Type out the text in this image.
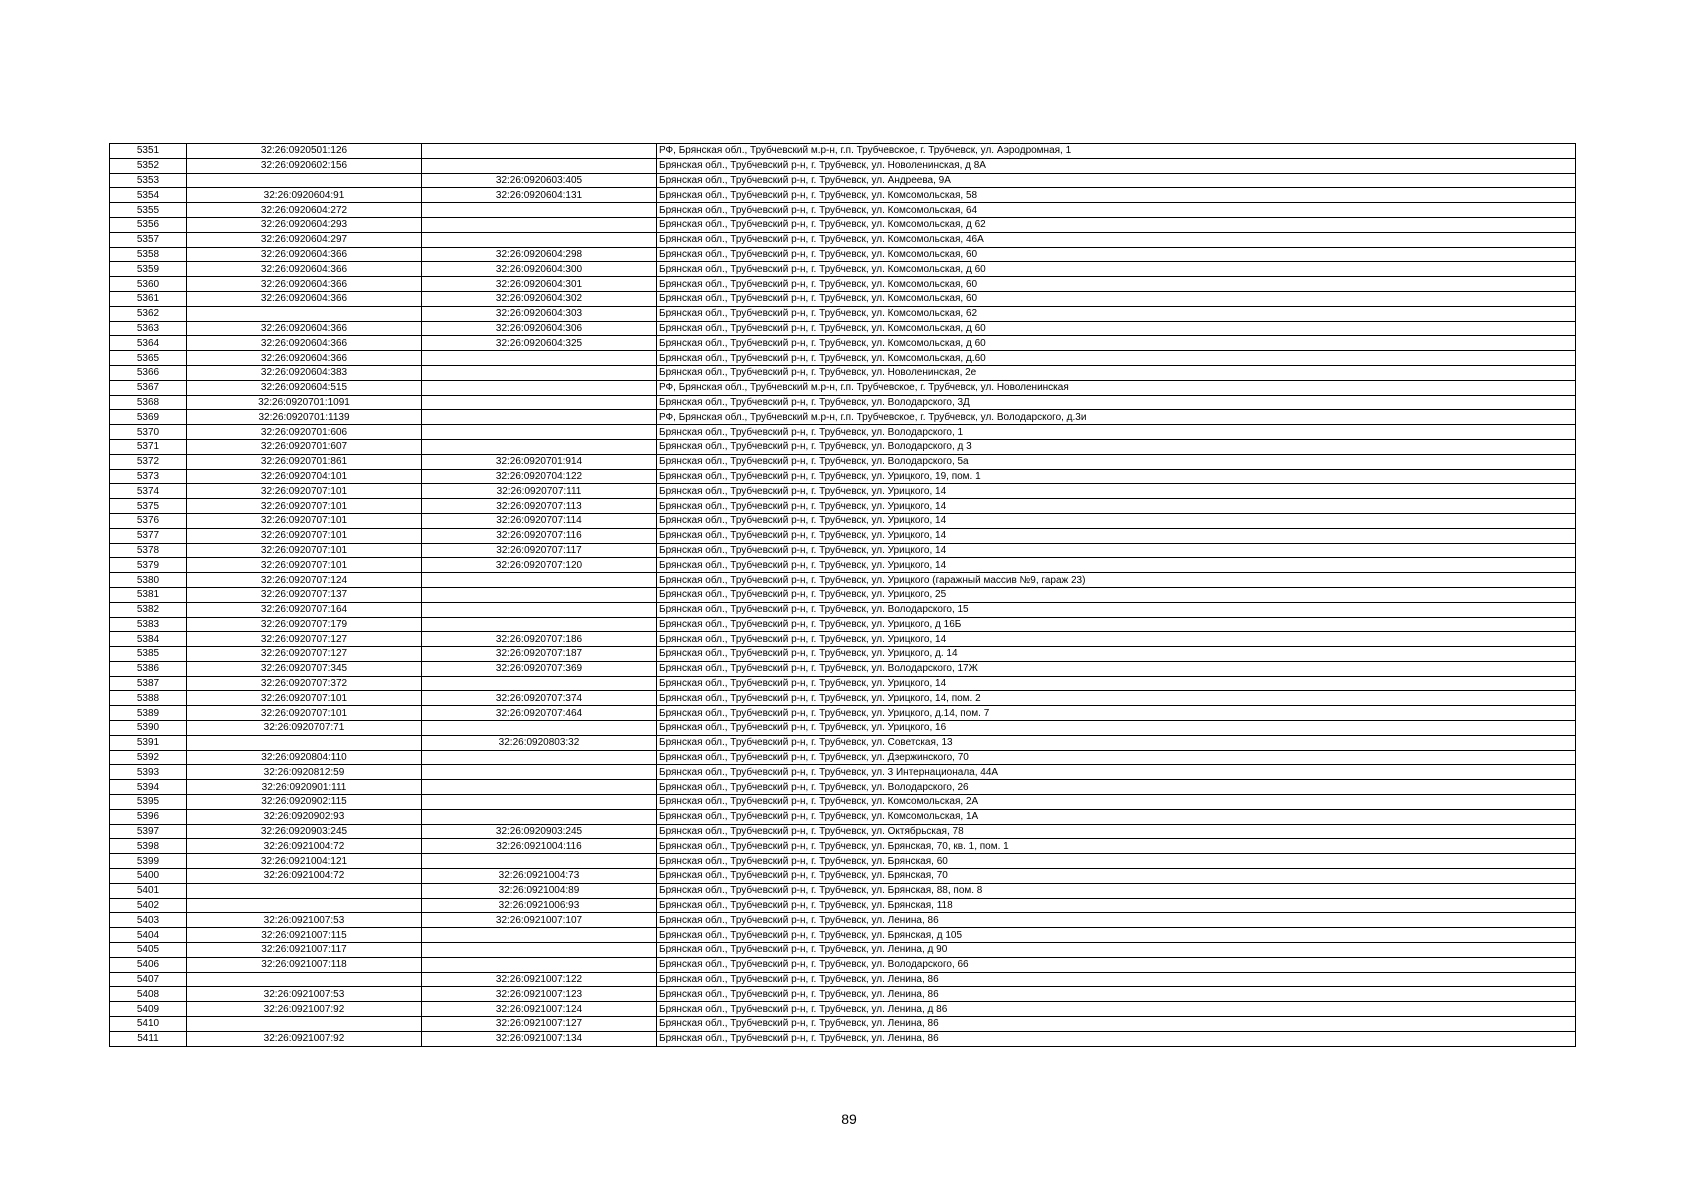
5351	32:26:0920501:126		РФ, Брянская обл., Трубчевский м.р-н, г.п. Трубчевское, г. Трубчевск, ул. Аэродромная, 1
5352	32:26:0920602:156		Брянская обл., Трубчевский р-н, г. Трубчевск, ул. Новоленинская, д 8А
5353		32:26:0920603:405	Брянская обл., Трубчевский р-н, г. Трубчевск, ул. Андреева, 9А
5354	32:26:0920604:91	32:26:0920604:131	Брянская обл., Трубчевский р-н, г. Трубчевск, ул. Комсомольская, 58
5355	32:26:0920604:272		Брянская обл., Трубчевский р-н, г. Трубчевск, ул. Комсомольская, 64
5356	32:26:0920604:293		Брянская обл., Трубчевский р-н, г. Трубчевск, ул. Комсомольская, д 62
5357	32:26:0920604:297		Брянская обл., Трубчевский р-н, г. Трубчевск, ул. Комсомольская, 46А
5358	32:26:0920604:366	32:26:0920604:298	Брянская обл., Трубчевский р-н, г. Трубчевск, ул. Комсомольская, 60
5359	32:26:0920604:366	32:26:0920604:300	Брянская обл., Трубчевский р-н, г. Трубчевск, ул. Комсомольская, д 60
5360	32:26:0920604:366	32:26:0920604:301	Брянская обл., Трубчевский р-н, г. Трубчевск, ул. Комсомольская, 60
5361	32:26:0920604:366	32:26:0920604:302	Брянская обл., Трубчевский р-н, г. Трубчевск, ул. Комсомольская, 60
5362		32:26:0920604:303	Брянская обл., Трубчевский р-н, г. Трубчевск, ул. Комсомольская, 62
5363	32:26:0920604:366	32:26:0920604:306	Брянская обл., Трубчевский р-н, г. Трубчевск, ул. Комсомольская, д 60
5364	32:26:0920604:366	32:26:0920604:325	Брянская обл., Трубчевский р-н, г. Трубчевск, ул. Комсомольская, д 60
5365	32:26:0920604:366		Брянская обл., Трубчевский р-н, г. Трубчевск, ул. Комсомольская, д.60
5366	32:26:0920604:383		Брянская обл., Трубчевский р-н, г. Трубчевск, ул. Новоленинская, 2е
5367	32:26:0920604:515		РФ, Брянская обл., Трубчевский м.р-н, г.п. Трубчевское, г. Трубчевск, ул. Новоленинская
5368	32:26:0920701:1091		Брянская обл., Трубчевский р-н, г. Трубчевск, ул. Володарского, 3Д
5369	32:26:0920701:1139		РФ, Брянская обл., Трубчевский м.р-н, г.п. Трубчевское, г. Трубчевск, ул. Володарского, д.3и
5370	32:26:0920701:606		Брянская обл., Трубчевский р-н, г. Трубчевск, ул. Володарского, 1
5371	32:26:0920701:607		Брянская обл., Трубчевский р-н, г. Трубчевск, ул. Володарского, д 3
5372	32:26:0920701:861	32:26:0920701:914	Брянская обл., Трубчевский р-н, г. Трубчевск, ул. Володарского, 5а
5373	32:26:0920704:101	32:26:0920704:122	Брянская обл., Трубчевский р-н, г. Трубчевск, ул. Урицкого, 19, пом. 1
5374	32:26:0920707:101	32:26:0920707:111	Брянская обл., Трубчевский р-н, г. Трубчевск, ул. Урицкого, 14
5375	32:26:0920707:101	32:26:0920707:113	Брянская обл., Трубчевский р-н, г. Трубчевск, ул. Урицкого, 14
5376	32:26:0920707:101	32:26:0920707:114	Брянская обл., Трубчевский р-н, г. Трубчевск, ул. Урицкого, 14
5377	32:26:0920707:101	32:26:0920707:116	Брянская обл., Трубчевский р-н, г. Трубчевск, ул. Урицкого, 14
5378	32:26:0920707:101	32:26:0920707:117	Брянская обл., Трубчевский р-н, г. Трубчевск, ул. Урицкого, 14
5379	32:26:0920707:101	32:26:0920707:120	Брянская обл., Трубчевский р-н, г. Трубчевск, ул. Урицкого, 14
5380	32:26:0920707:124		Брянская обл., Трубчевский р-н, г. Трубчевск, ул. Урицкого (гаражный массив №9, гараж 23)
5381	32:26:0920707:137		Брянская обл., Трубчевский р-н, г. Трубчевск, ул. Урицкого, 25
5382	32:26:0920707:164		Брянская обл., Трубчевский р-н, г. Трубчевск, ул. Володарского, 15
5383	32:26:0920707:179		Брянская обл., Трубчевский р-н, г. Трубчевск, ул. Урицкого, д 16Б
5384	32:26:0920707:127	32:26:0920707:186	Брянская обл., Трубчевский р-н, г. Трубчевск, ул. Урицкого, 14
5385	32:26:0920707:127	32:26:0920707:187	Брянская обл., Трубчевский р-н, г. Трубчевск, ул. Урицкого, д. 14
5386	32:26:0920707:345	32:26:0920707:369	Брянская обл., Трубчевский р-н, г. Трубчевск, ул. Володарского, 17Ж
5387	32:26:0920707:372		Брянская обл., Трубчевский р-н, г. Трубчевск, ул. Урицкого, 14
5388	32:26:0920707:101	32:26:0920707:374	Брянская обл., Трубчевский р-н, г. Трубчевск, ул. Урицкого, 14, пом. 2
5389	32:26:0920707:101	32:26:0920707:464	Брянская обл., Трубчевский р-н, г. Трубчевск, ул. Урицкого, д.14, пом. 7
5390	32:26:0920707:71		Брянская обл., Трубчевский р-н, г. Трубчевск, ул. Урицкого, 16
5391		32:26:0920803:32	Брянская обл., Трубчевский р-н, г. Трубчевск, ул. Советская, 13
5392	32:26:0920804:110		Брянская обл., Трубчевский р-н, г. Трубчевск, ул. Дзержинского, 70
5393	32:26:0920812:59		Брянская обл., Трубчевский р-н, г. Трубчевск, ул. 3 Интернационала, 44А
5394	32:26:0920901:111		Брянская обл., Трубчевский р-н, г. Трубчевск, ул. Володарского, 26
5395	32:26:0920902:115		Брянская обл., Трубчевский р-н, г. Трубчевск, ул. Комсомольская, 2А
5396	32:26:0920902:93		Брянская обл., Трубчевский р-н, г. Трубчевск, ул. Комсомольская, 1А
5397	32:26:0920903:245	32:26:0920903:245	Брянская обл., Трубчевский р-н, г. Трубчевск, ул. Октябрьская, 78
5398	32:26:0921004:72	32:26:0921004:116	Брянская обл., Трубчевский р-н, г. Трубчевск, ул. Брянская, 70, кв. 1, пом. 1
5399	32:26:0921004:121		Брянская обл., Трубчевский р-н, г. Трубчевск, ул. Брянская, 60
5400	32:26:0921004:72	32:26:0921004:73	Брянская обл., Трубчевский р-н, г. Трубчевск, ул. Брянская, 70
5401		32:26:0921004:89	Брянская обл., Трубчевский р-н, г. Трубчевск, ул. Брянская, 88, пом. 8
5402		32:26:0921006:93	Брянская обл., Трубчевский р-н, г. Трубчевск, ул. Брянская, 118
5403	32:26:0921007:53	32:26:0921007:107	Брянская обл., Трубчевский р-н, г. Трубчевск, ул. Ленина, 86
5404	32:26:0921007:115		Брянская обл., Трубчевский р-н, г. Трубчевск, ул. Брянская, д 105
5405	32:26:0921007:117		Брянская обл., Трубчевский р-н, г. Трубчевск, ул. Ленина, д 90
5406	32:26:0921007:118		Брянская обл., Трубчевский р-н, г. Трубчевск, ул. Володарского, 66
5407		32:26:0921007:122	Брянская обл., Трубчевский р-н, г. Трубчевск, ул. Ленина, 86
5408	32:26:0921007:53	32:26:0921007:123	Брянская обл., Трубчевский р-н, г. Трубчевск, ул. Ленина, 86
5409	32:26:0921007:92	32:26:0921007:124	Брянская обл., Трубчевский р-н, г. Трубчевск, ул. Ленина, д 86
5410		32:26:0921007:127	Брянская обл., Трубчевский р-н, г. Трубчевск, ул. Ленина, 86
5411	32:26:0921007:92	32:26:0921007:134	Брянская обл., Трубчевский р-н, г. Трубчевск, ул. Ленина, 86
89
